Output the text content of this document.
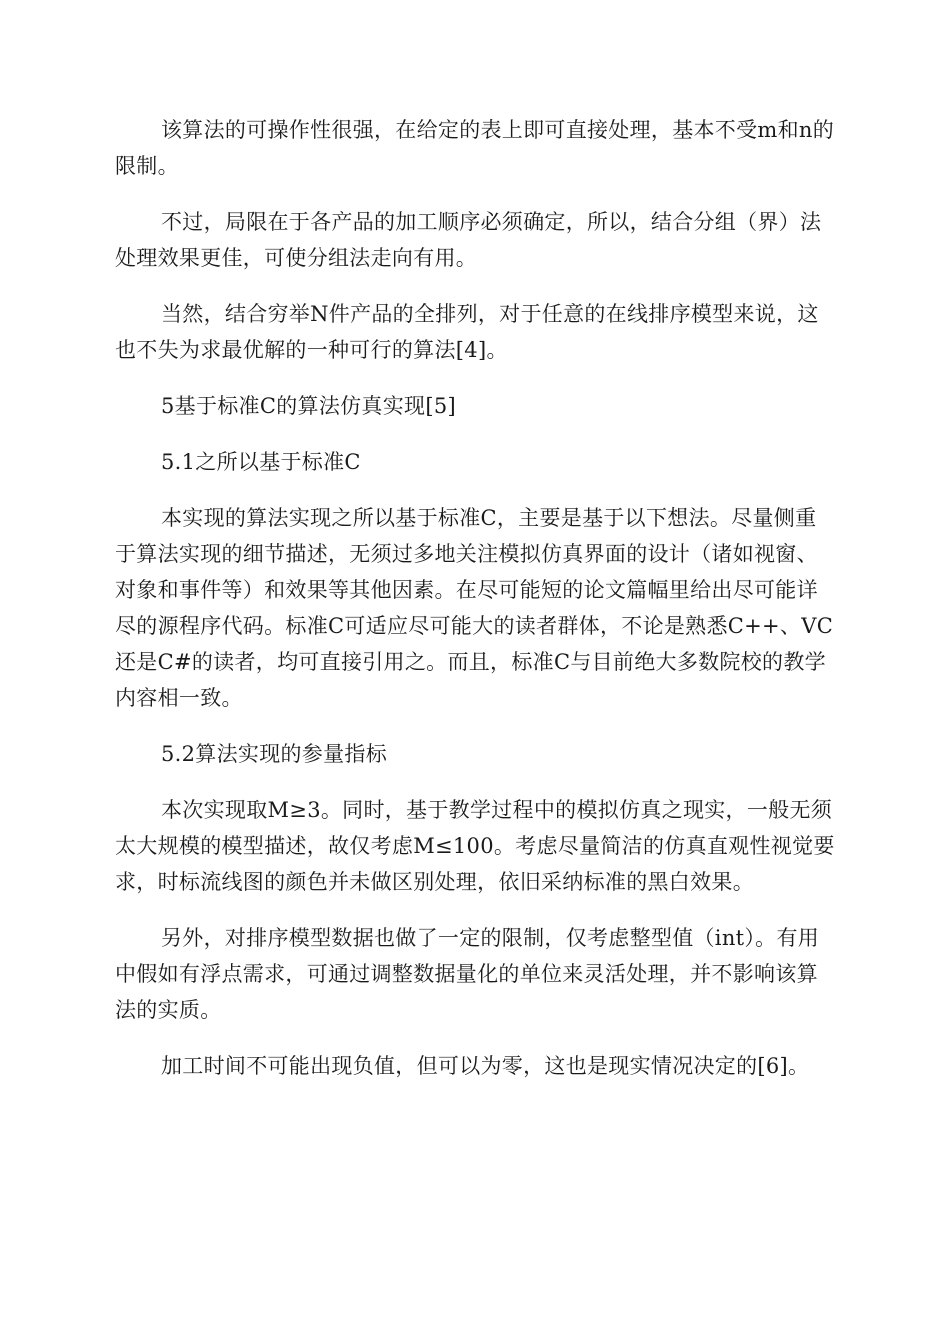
该算法的可操作性很强，在给定的表上即可直接处理，基本不受m和n的限制。

不过，局限在于各产品的加工顺序必须确定，所以，结合分组（界）法处理效果更佳，可使分组法走向有用。

当然，结合穷举N件产品的全排列，对于任意的在线排序模型来说，这也不失为求最优解的一种可行的算法[4]。

5基于标准C的算法仿真实现[5]

5.1之所以基于标准C

本实现的算法实现之所以基于标准C，主要是基于以下想法。尽量侧重于算法实现的细节描述，无须过多地关注模拟仿真界面的设计（诸如视窗、对象和事件等）和效果等其他因素。在尽可能短的论文篇幅里给出尽可能详尽的源程序代码。标准C可适应尽可能大的读者群体，不论是熟悉C++、VC还是C#的读者，均可直接引用之。而且，标准C与目前绝大多数院校的教学内容相一致。

5.2算法实现的参量指标

本次实现取M≥3。同时，基于教学过程中的模拟仿真之现实，一般无须太大规模的模型描述，故仅考虑M≤100。考虑尽量简洁的仿真直观性视觉要求，时标流线图的颜色并未做区别处理，依旧采纳标准的黑白效果。

另外，对排序模型数据也做了一定的限制，仅考虑整型值（int）。有用中假如有浮点需求，可通过调整数据量化的单位来灵活处理，并不影响该算法的实质。

加工时间不可能出现负值，但可以为零，这也是现实情况决定的[6]。
